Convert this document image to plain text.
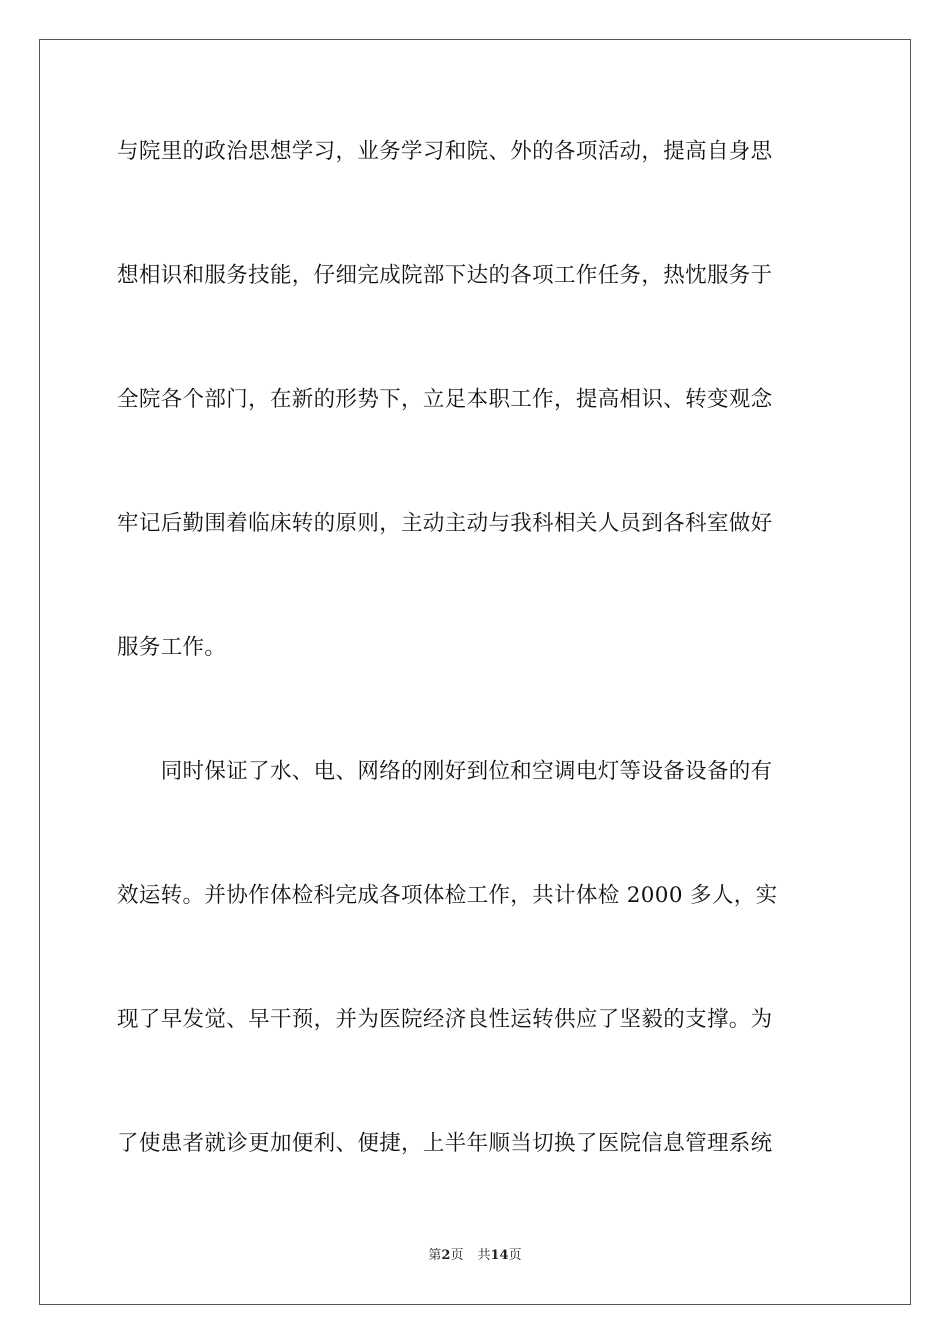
与院里的政治思想学习，业务学习和院、外的各项活动，提高自身思
想相识和服务技能，仔细完成院部下达的各项工作任务，热忱服务于
全院各个部门，在新的形势下，立足本职工作，提高相识、转变观念
牢记后勤围着临床转的原则，主动主动与我科相关人员到各科室做好
服务工作。
　　同时保证了水、电、网络的刚好到位和空调电灯等设备设备的有
效运转。并协作体检科完成各项体检工作，共计体检 2000 多人，实
现了早发觉、早干预，并为医院经济良性运转供应了坚毅的支撑。为
了使患者就诊更加便利、便捷，上半年顺当切换了医院信息管理系统
第2页 共14页
